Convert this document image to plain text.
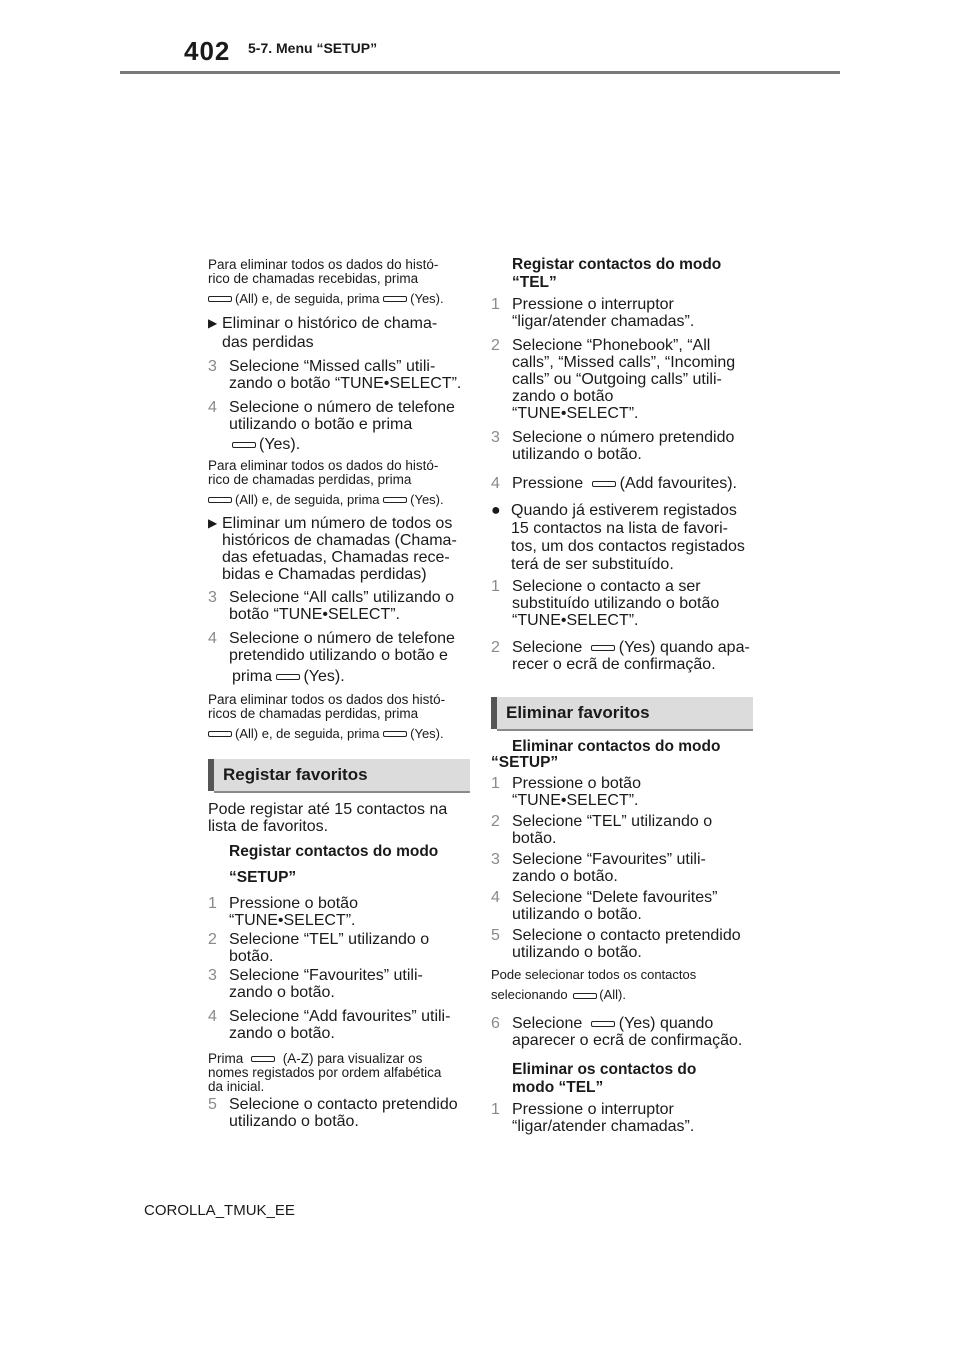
402 5-7. Menu “SETUP”

Para eliminar todos os dados do histó-
rico de chamadas recebidas, prima

(All) e, de seguida, prima
(Yes).
▶ Eliminar o histórico de chama-
das perdidas
3 Selecione “Missed calls” utili-
zando o botão “TUNE•SELECT”.
4 Selecione o número de telefone
utilizando o botão e prima
(Yes).

Para eliminar todos os dados do histó-
rico de chamadas perdidas, prima

(All) e, de seguida, prima
(Yes).
▶ Eliminar um número de todos os
históricos de chamadas (Chama-
das efetuadas, Chamadas rece-
bidas e Chamadas perdidas)
3 Selecione “All calls” utilizando o
botão “TUNE•SELECT”.
4 Selecione o número de telefone
pretendido utilizando o botão e
prima (Yes).

Para eliminar todos os dados dos histó-
ricos de chamadas perdidas, prima

(All) e, de seguida, prima
(Yes).
Registar favoritos

Pode registar até 15 contactos na
lista de favoritos.

Registar contactos do modo
“SETUP”
1 Pressione o botão
“TUNE•SELECT”.
2 Selecione “TEL” utilizando o
botão.
3 Selecione “Favourites” utili-
zando o botão.
4 Selecione “Add favourites” utili-
zando o botão.

Prima	(A-Z) para visualizar os
nomes registados por ordem alfabética
da inicial.

5 Selecione o contacto pretendido
utilizando o botão.
Registar contactos do modo
“TEL”
1 Pressione o interruptor
“ligar/atender chamadas”.
2 Selecione “Phonebook”, “All
calls”, “Missed calls”, “Incoming
calls” ou “Outgoing calls” utili-
zando o botão
“TUNE•SELECT”.
3 Selecione o número pretendido
utilizando o botão.
4 Pressione (Add favourites).
● Quando já estiverem registados
15 contactos na lista de favori-
tos, um dos contactos registados
terá de ser substituído.
1 Selecione o contacto a ser
substituído utilizando o botão
“TUNE•SELECT”.
2 Selecione (Yes) quando apa-
recer o ecrã de confirmação.
Eliminar favoritos
Eliminar contactos do modo
“SETUP”
1 Pressione o botão
“TUNE•SELECT”.
2 Selecione “TEL” utilizando o
botão.
3 Selecione “Favourites” utili-
zando o botão.
4 Selecione “Delete favourites”
utilizando o botão.
5 Selecione o contacto pretendido
utilizando o botão.

Pode selecionar todos os contactos
selecionando (All).

6 Selecione (Yes) quando
aparecer o ecrã de confirmação.
Eliminar os contactos do
modo “TEL”
1 Pressione o interruptor
“ligar/atender chamadas”.
COROLLA_TMUK_EE
